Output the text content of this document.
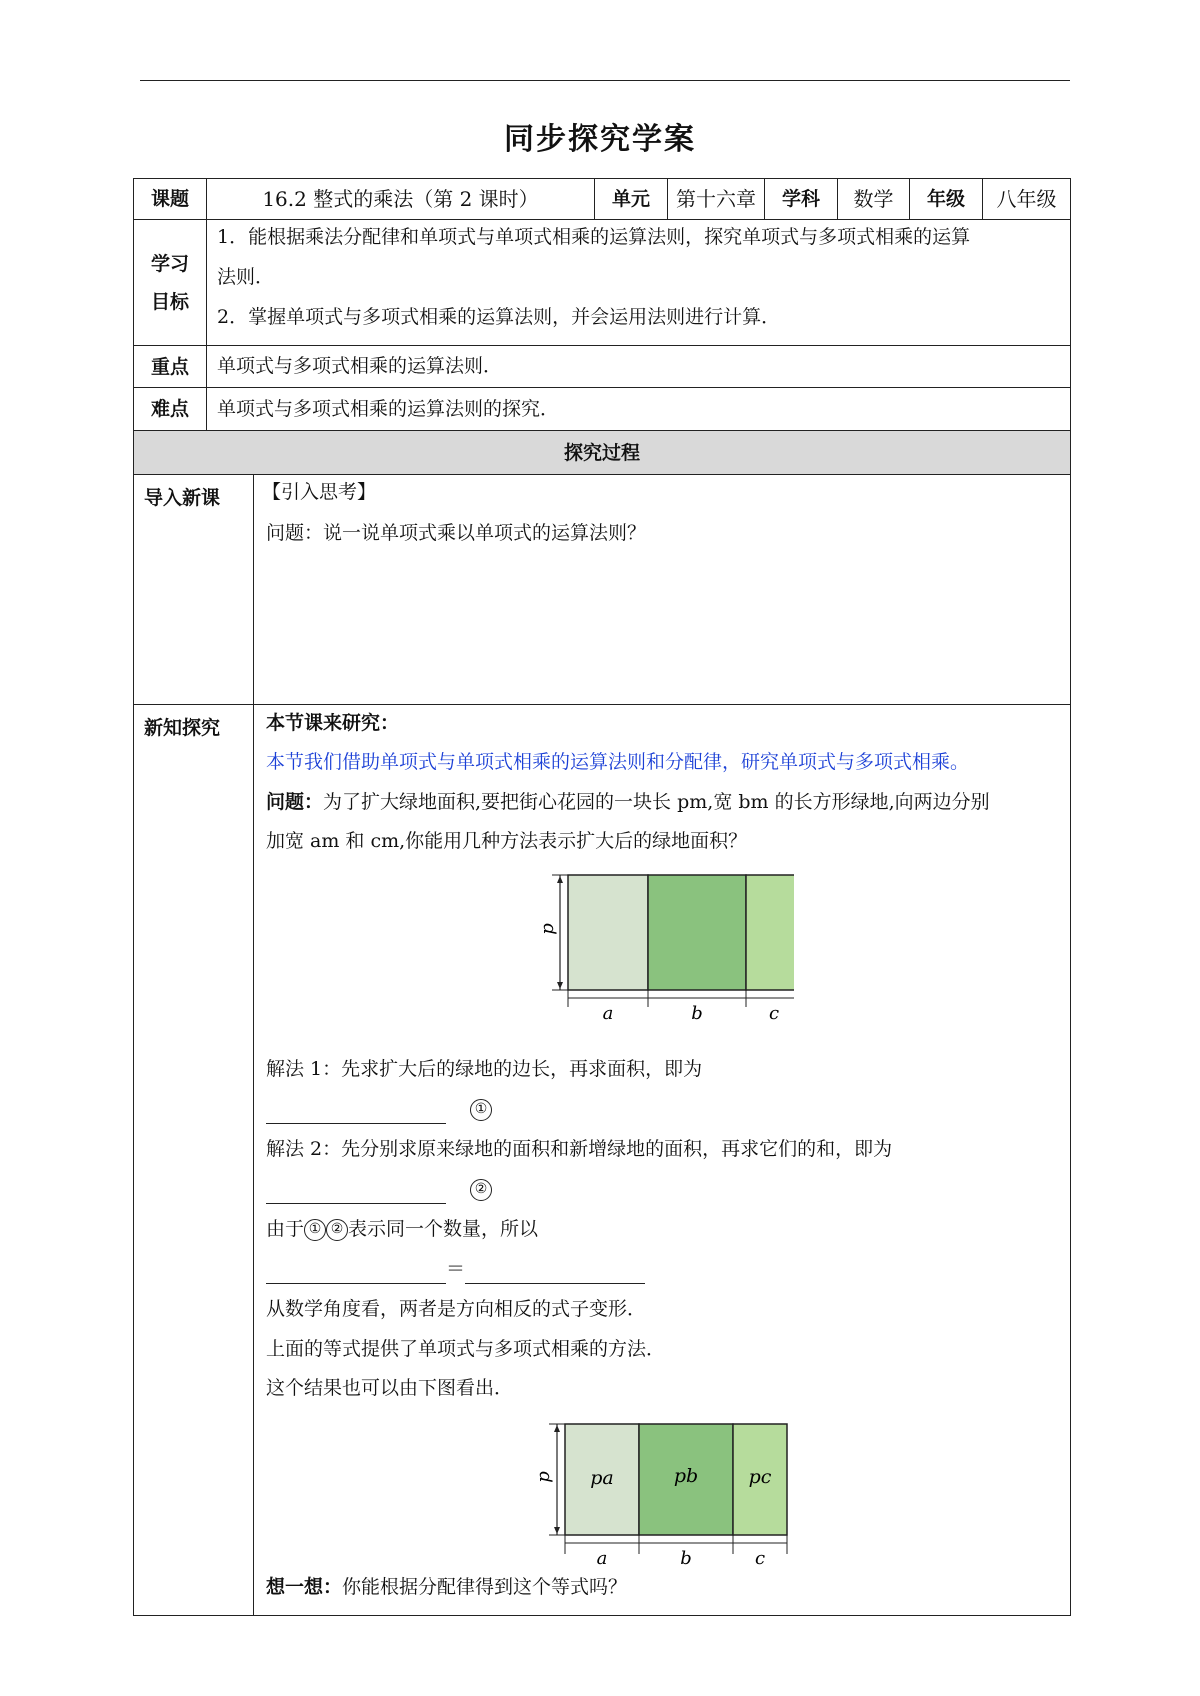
同步探究学案
课题	16.2 整式的乘法（第 2 课时）	单元	第十六章	学科	数学	年级	八年级
学习
目标
1．能根据乘法分配律和单项式与单项式相乘的运算法则，探究单项式与多项式相乘的运算
法则．
2．掌握单项式与多项式相乘的运算法则，并会运用法则进行计算．
重点	单项式与多项式相乘的运算法则．
难点	单项式与多项式相乘的运算法则的探究．
探究过程
导入新课	【引入思考】
问题：说一说单项式乘以单项式的运算法则？
新知探究	本节课来研究：
本节我们借助单项式与单项式相乘的运算法则和分配律，研究单项式与多项式相乘。
问题：为了扩大绿地面积,要把街心花园的一块长 pm,宽 bm 的长方形绿地,向两边分别
加宽 am 和 cm,你能用几种方法表示扩大后的绿地面积？
p
a	b	c
解法 1：先求扩大后的绿地的边长，再求面积，即为
①
解法 2：先分别求原来绿地的面积和新增绿地的面积，再求它们的和，即为
②
由于 ① ② 表示同一个数量，所以
＝
从数学角度看，两者是方向相反的式子变形．
上面的等式提供了单项式与多项式相乘的方法．
这个结果也可以由下图看出．
pa	pb	pc
p
a	b	c
想一想：你能根据分配律得到这个等式吗？
